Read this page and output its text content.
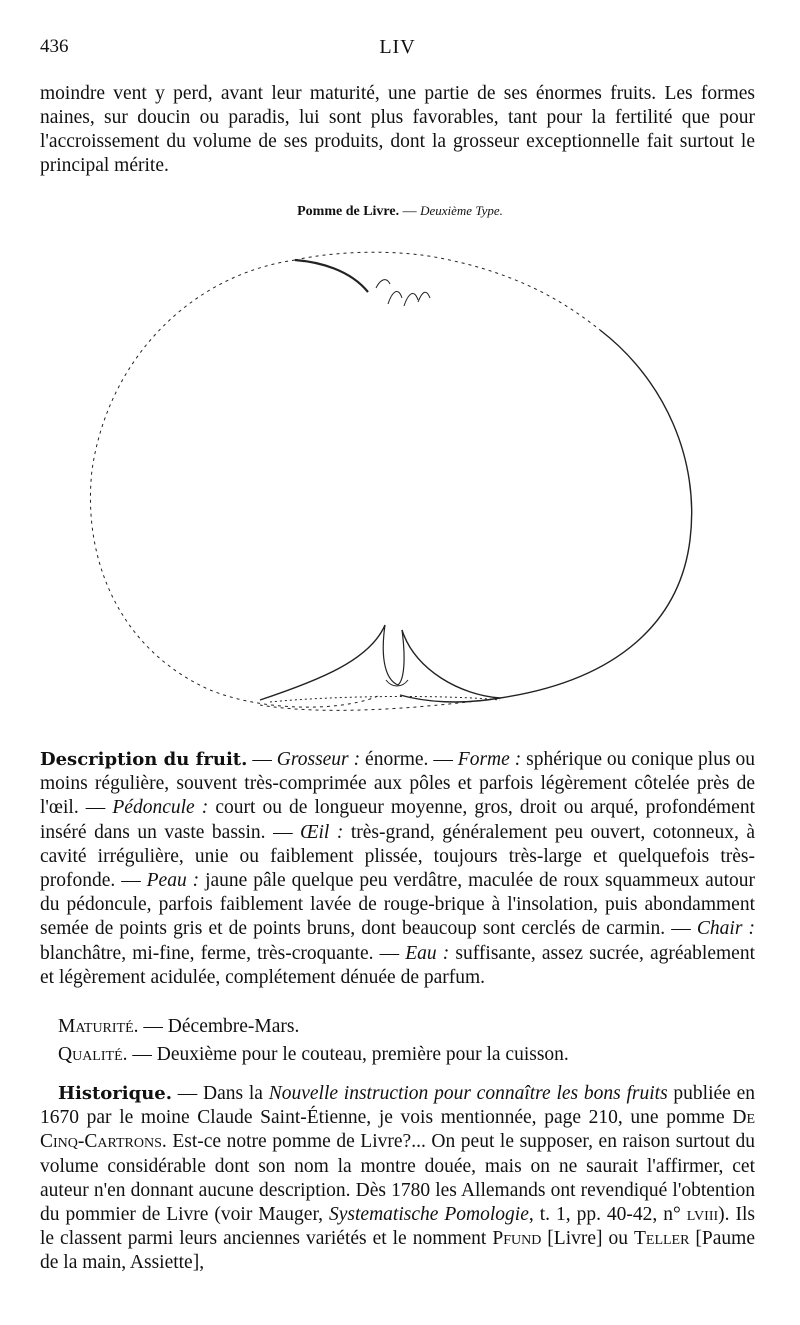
436	LIV
moindre vent y perd, avant leur maturité, une partie de ses énormes fruits. Les formes naines, sur doucin ou paradis, lui sont plus favorables, tant pour la fertilité que pour l'accroissement du volume de ses produits, dont la grosseur exceptionnelle fait surtout le principal mérite.
Pomme de Livre. — Deuxième Type.
Description du fruit. — Grosseur : énorme. — Forme : sphérique ou conique plus ou moins régulière, souvent très-comprimée aux pôles et parfois légèrement côtelée près de l'œil. — Pédoncule : court ou de longueur moyenne, gros, droit ou arqué, profondément inséré dans un vaste bassin. — Œil : très-grand, généralement peu ouvert, cotonneux, à cavité irrégulière, unie ou faiblement plissée, toujours très-large et quelquefois très-profonde. — Peau : jaune pâle quelque peu verdâtre, maculée de roux squammeux autour du pédoncule, parfois faiblement lavée de rouge-brique à l'insolation, puis abondamment semée de points gris et de points bruns, dont beaucoup sont cerclés de carmin. — Chair : blanchâtre, mi-fine, ferme, très-croquante. — Eau : suffisante, assez sucrée, agréablement et légèrement acidulée, complétement dénuée de parfum.
Maturité. — Décembre-Mars.
Qualité. — Deuxième pour le couteau, première pour la cuisson.
Historique. — Dans la Nouvelle instruction pour connaître les bons fruits publiée en 1670 par le moine Claude Saint-Étienne, je vois mentionnée, page 210, une pomme De Cinq-Cartrons. Est-ce notre pomme de Livre?... On peut le supposer, en raison surtout du volume considérable dont son nom la montre douée, mais on ne saurait l'affirmer, cet auteur n'en donnant aucune description. Dès 1780 les Allemands ont revendiqué l'obtention du pommier de Livre (voir Mauger, Systematische Pomologie, t. 1, pp. 40-42, n° lviii). Ils le classent parmi leurs anciennes variétés et le nomment Pfund [Livre] ou Teller [Paume de la main, Assiette],
